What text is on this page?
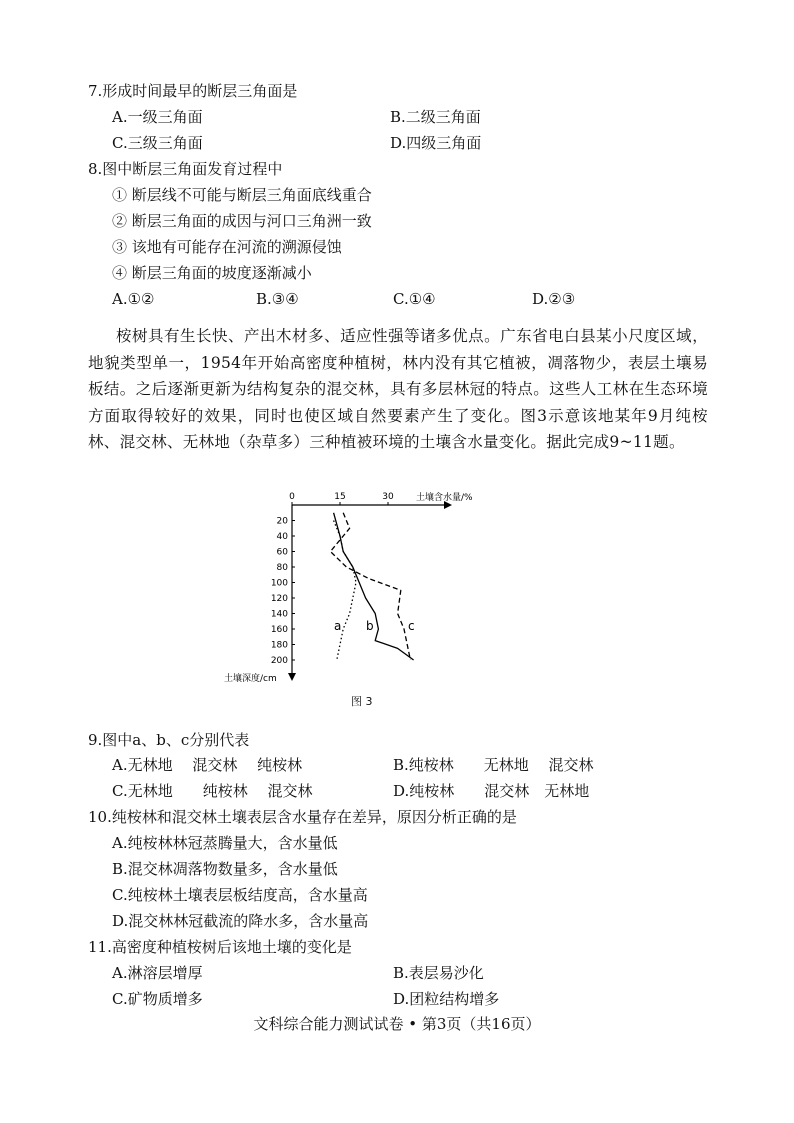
7.形成时间最早的断层三角面是
A.一级三角面	B.二级三角面
C.三级三角面	D.四级三角面
8.图中断层三角面发育过程中
① 断层线不可能与断层三角面底线重合
② 断层三角面的成因与河口三角洲一致
③ 该地有可能存在河流的溯源侵蚀
④ 断层三角面的坡度逐渐减小
A.①②	B.③④	C.①④	D.②③
桉树具有生长快、产出木材多、适应性强等诸多优点。广东省电白县某小尺度区域，地貌类型单一，1954年开始高密度种植树，林内没有其它植被，凋落物少，表层土壤易板结。之后逐渐更新为结构复杂的混交林，具有多层林冠的特点。这些人工林在生态环境方面取得较好的效果，同时也使区域自然要素产生了变化。图3示意该地某年9月纯桉林、混交林、无林地（杂草多）三种植被环境的土壤含水量变化。据此完成9~11题。
土壤含水量/%
土壤深度/cm
0	15	30
20
40
60
80
100
120
140
160
180
200
a b	c
图 3
9.图中a、b、c分别代表
A.无林地　 混交林　 纯桉林	B.纯桉林　　无林地　 混交林
C.无林地　　纯桉林　 混交林	D.纯桉林　　混交林　无林地
10.纯桉林和混交林土壤表层含水量存在差异，原因分析正确的是
A.纯桉林林冠蒸腾量大，含水量低
B.混交林凋落物数量多，含水量低
C.纯桉林土壤表层板结度高，含水量高
D.混交林林冠截流的降水多，含水量高
11.高密度种植桉树后该地土壤的变化是
A.淋溶层增厚	B.表层易沙化
C.矿物质增多	D.团粒结构增多
文科综合能力测试试卷 • 第3页（共16页）
